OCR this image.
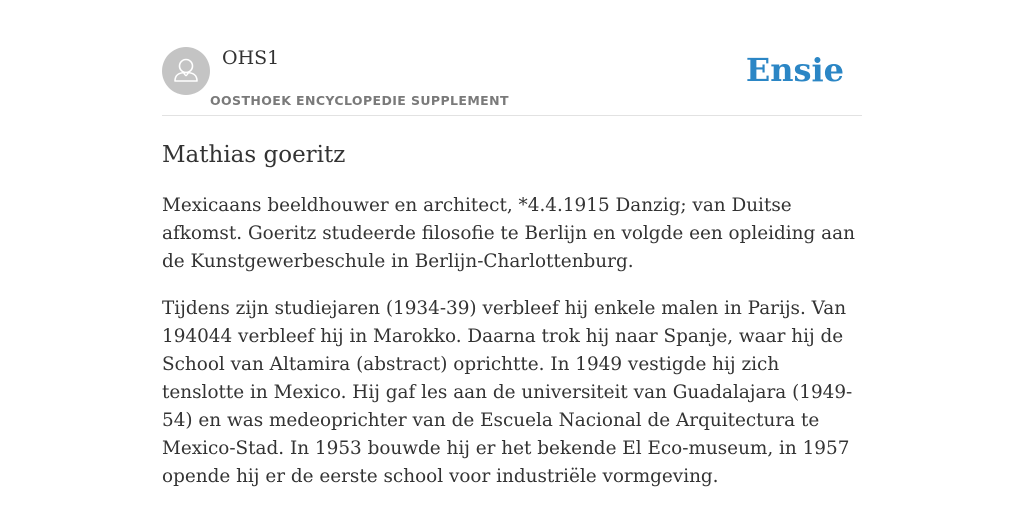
OHS1
OOSTHOEK ENCYCLOPEDIE SUPPLEMENT
Ensie
Mathias goeritz

Mexicaans beeldhouwer en architect, *4.4.1915 Danzig; van Duitse afkomst. Goeritz studeerde filosofie te Berlijn en volgde een opleiding aan de Kunstgewerbeschule in Berlijn-Charlottenburg.

Tijdens zijn studiejaren (1934-39) verbleef hij enkele malen in Parijs. Van 194044 verbleef hij in Marokko. Daarna trok hij naar Spanje, waar hij de School van Altamira (abstract) oprichtte. In 1949 vestigde hij zich tenslotte in Mexico. Hij gaf les aan de universiteit van Guadalajara (1949-54) en was medeoprichter van de Escuela Nacional de Arquitectura te Mexico-Stad. In 1953 bouwde hij er het bekende El Eco-museum, in 1957 opende hij er de eerste school voor industriële vormgeving.
